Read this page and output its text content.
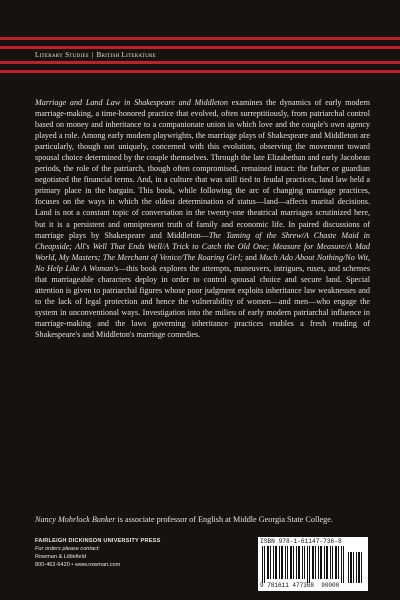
Literary Studies | British Literature
Marriage and Land Law in Shakespeare and Middleton examines the dynamics of early modern marriage-making, a time-honored practice that evolved, often surreptitiously, from patriarchal control based on money and inheritance to a companionate union in which love and the couple's own agency played a role. Among early modern playwrights, the marriage plays of Shakespeare and Middleton are particularly, though not uniquely, concerned with this evolution, observing the movement toward spousal choice determined by the couple themselves. Through the late Elizabethan and early Jacobean periods, the role of the patriarch, though often compromised, remained intact: the father or guardian negotiated the financial terms. And, in a culture that was still tied to feudal practices, land law held a primary place in the bargain. This book, while following the arc of changing marriage practices, focuses on the ways in which the oldest determination of status—land—affects marital decisions. Land is not a constant topic of conversation in the twenty-one theatrical marriages scrutinized here, but it is a persistent and omnipresent truth of family and economic life. In paired discussions of marriage plays by Shakespeare and Middleton—The Taming of the Shrew/A Chaste Maid in Cheapside; All's Well That Ends Well/A Trick to Catch the Old One; Measure for Measure/A Mad World, My Masters; The Merchant of Venice/The Roaring Girl; and Much Ado About Nothing/No Wit, No Help Like A Woman's—this book explores the attempts, maneuvers, intrigues, ruses, and schemes that marriageable characters deploy in order to control spousal choice and secure land. Special attention is given to patriarchal figures whose poor judgment exploits inheritance law weaknesses and to the lack of legal protection and hence the vulnerability of women—and men—who engage the system in unconventional ways. Investigation into the milieu of early modern patriarchal influence in marriage-making and the laws governing inheritance practices enables a fresh reading of Shakespeare's and Middleton's marriage comedies.
Nancy Mohrlock Bunker is associate professor of English at Middle Georgia State College.
FAIRLEIGH DICKINSON UNIVERSITY PRESS
For orders please contact:
Rowman & Littlefield
800-462-6420 • www.rowman.com
ISBN 978-1-61147-736-8
9 781611 477368 90000
